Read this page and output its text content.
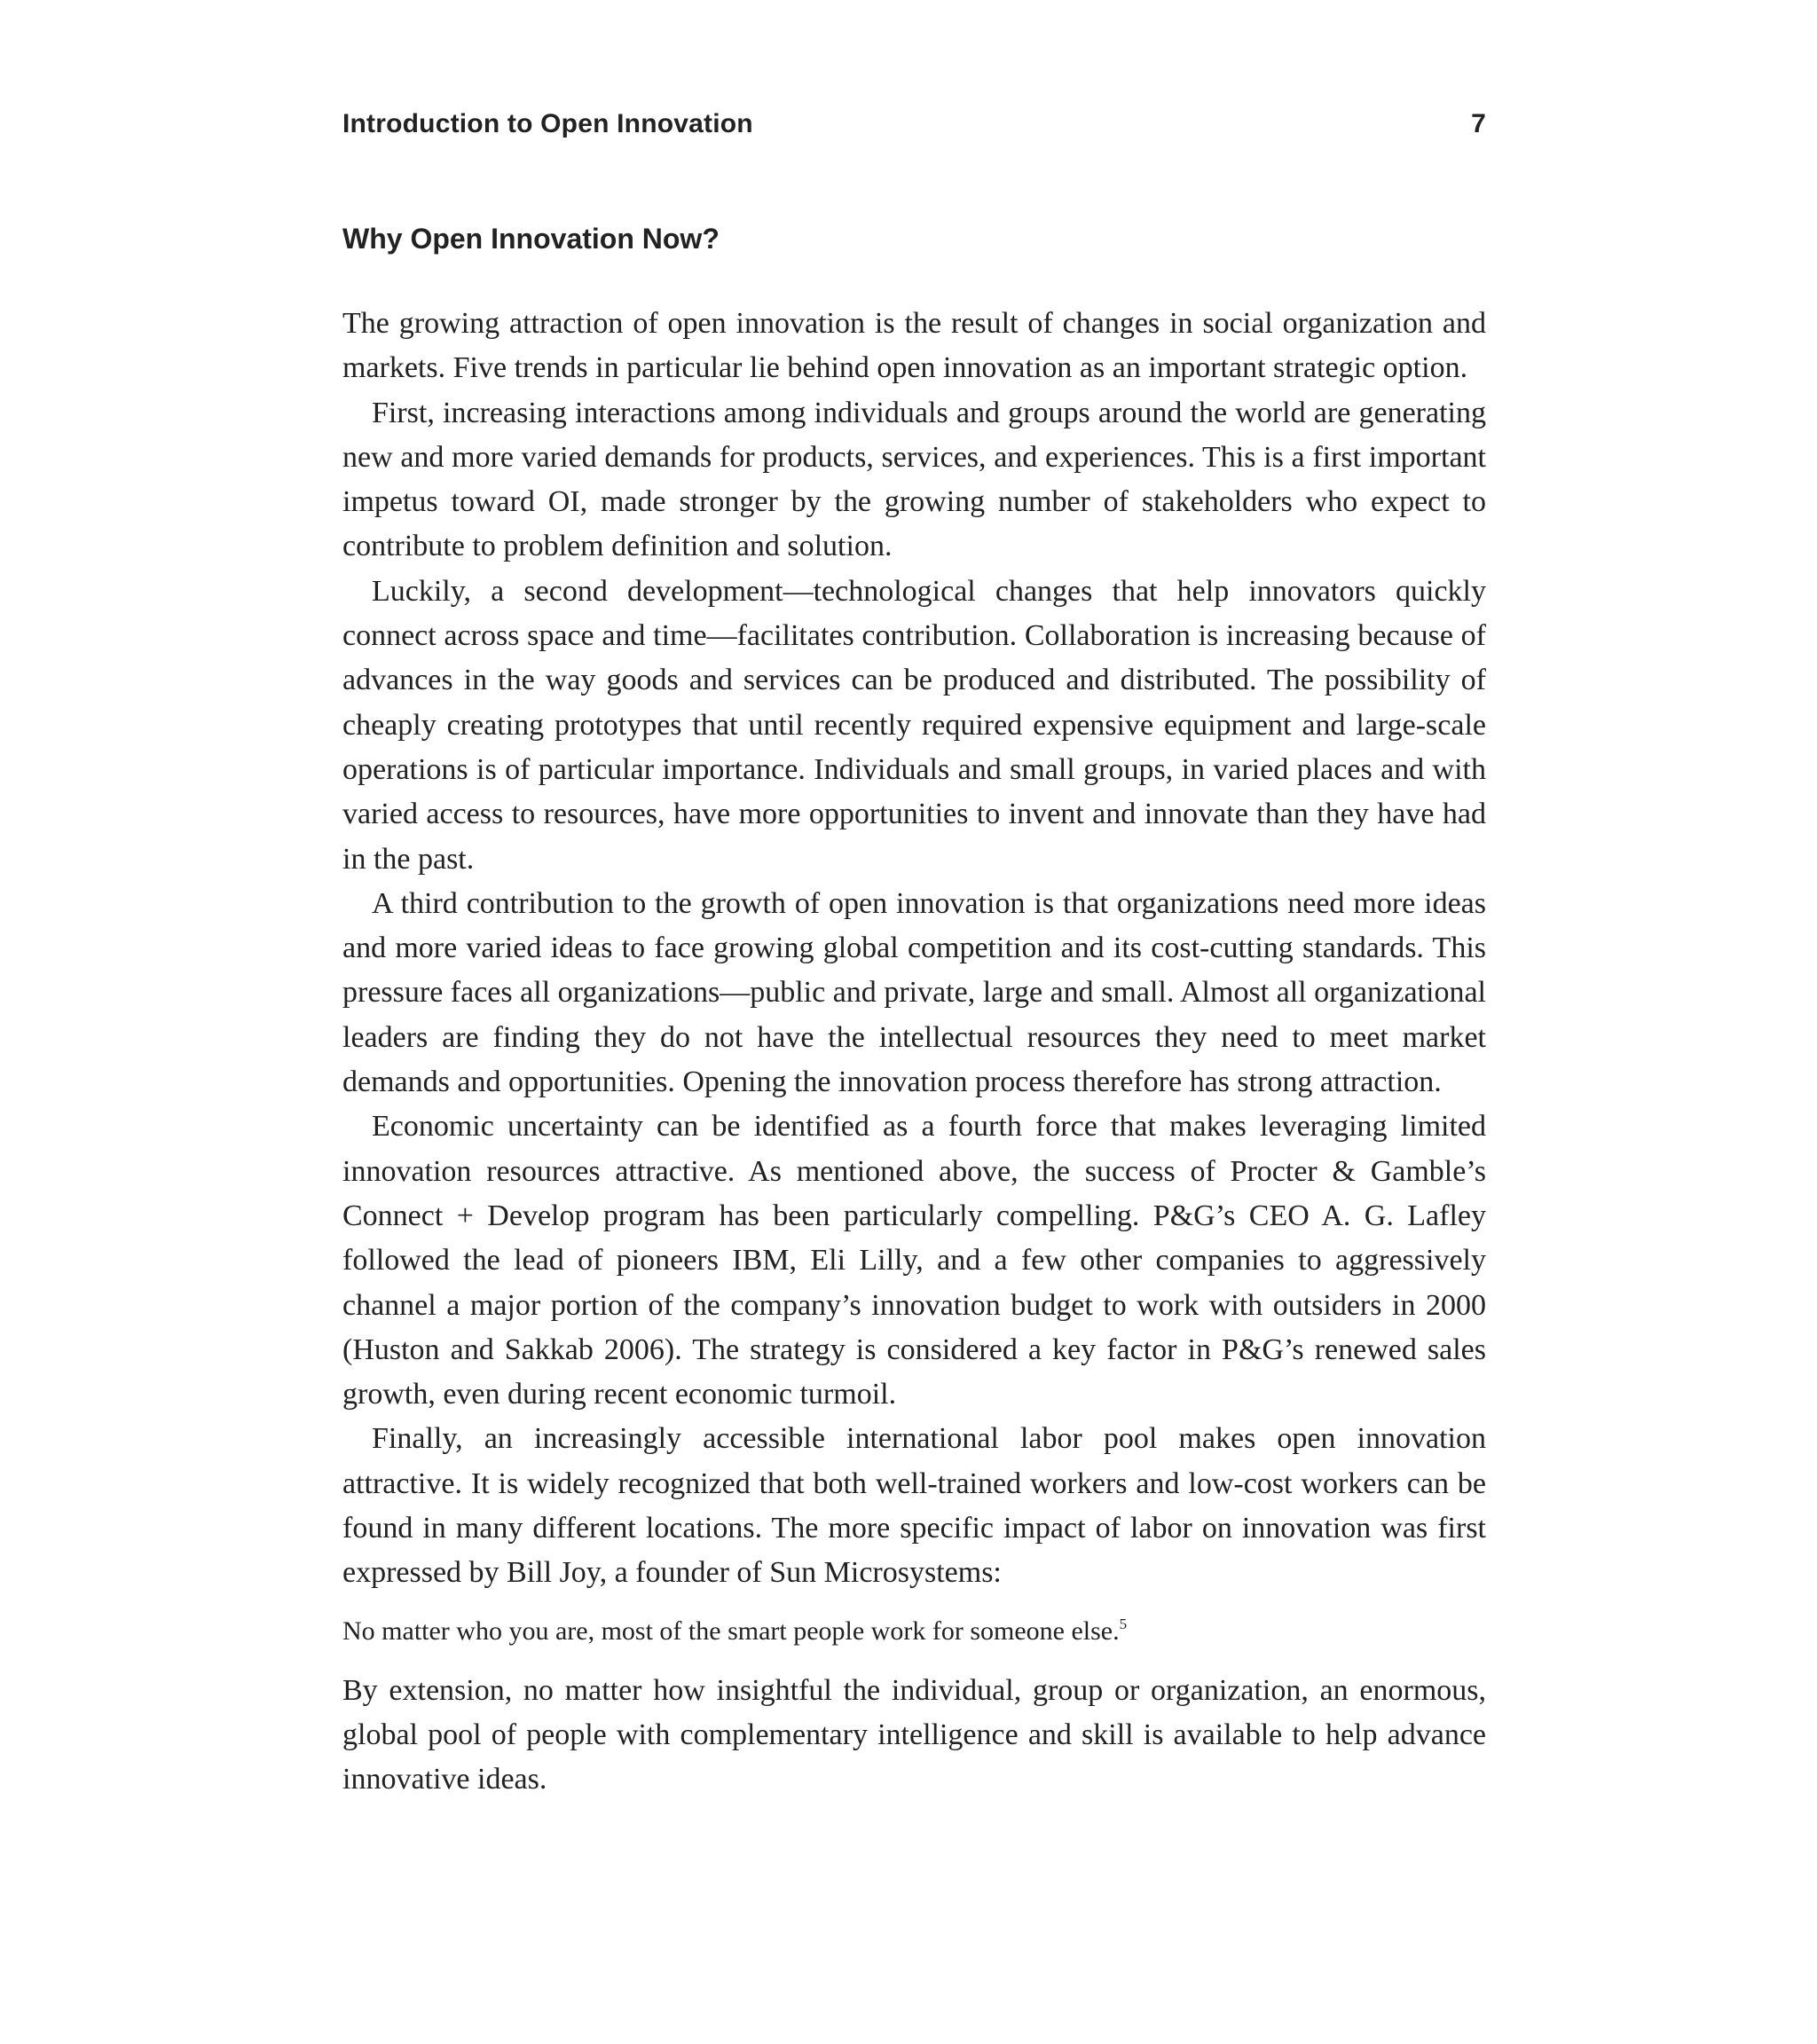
Introduction to Open Innovation	7
Why Open Innovation Now?

The growing attraction of open innovation is the result of changes in social organization and markets. Five trends in particular lie behind open innovation as an important strategic option.

First, increasing interactions among individuals and groups around the world are generating new and more varied demands for products, services, and experiences. This is a first important impetus toward OI, made stronger by the growing number of stakeholders who expect to contribute to problem definition and solution.

Luckily, a second development—technological changes that help innovators quickly connect across space and time—facilitates contribution. Collaboration is increasing because of advances in the way goods and services can be produced and distributed. The possibility of cheaply creating prototypes that until recently required expensive equipment and large-scale operations is of particular importance. Individuals and small groups, in varied places and with varied access to resources, have more opportunities to invent and innovate than they have had in the past.

A third contribution to the growth of open innovation is that organizations need more ideas and more varied ideas to face growing global competition and its cost-cutting standards. This pressure faces all organizations—public and private, large and small. Almost all organizational leaders are finding they do not have the intellectual resources they need to meet market demands and opportunities. Opening the innovation process therefore has strong attraction.

Economic uncertainty can be identified as a fourth force that makes leveraging limited innovation resources attractive. As mentioned above, the success of Procter & Gamble’s Connect + Develop program has been particularly compelling. P&G’s CEO A. G. Lafley followed the lead of pioneers IBM, Eli Lilly, and a few other companies to aggressively channel a major portion of the company’s innovation budget to work with outsiders in 2000 (Huston and Sakkab 2006). The strategy is considered a key factor in P&G’s renewed sales growth, even during recent economic turmoil.

Finally, an increasingly accessible international labor pool makes open innovation attractive. It is widely recognized that both well-trained workers and low-cost workers can be found in many different locations. The more specific impact of labor on innovation was first expressed by Bill Joy, a founder of Sun Microsystems:

No matter who you are, most of the smart people work for someone else.$^5$

By extension, no matter how insightful the individual, group or organization, an enormous, global pool of people with complementary intelligence and skill is available to help advance innovative ideas.
